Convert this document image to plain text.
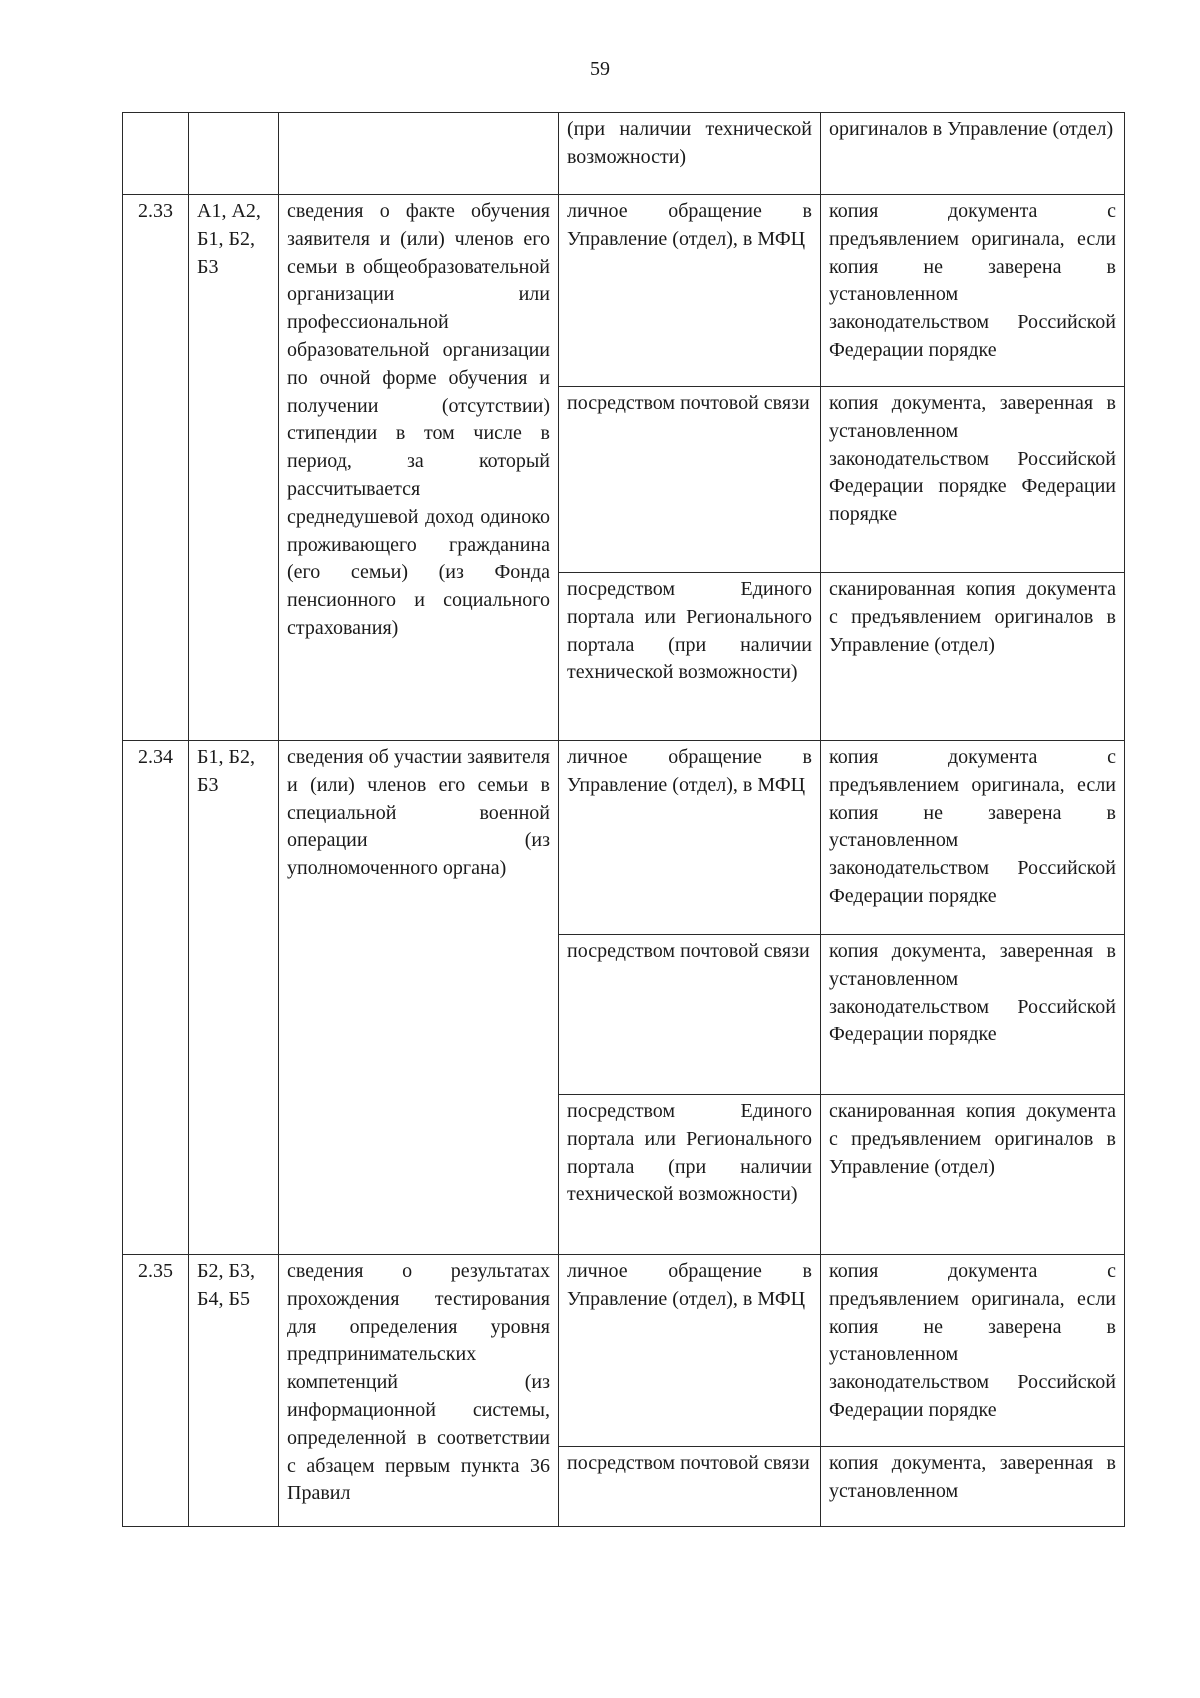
59
			(при наличии технической возможности)	оригиналов в Управление (отдел)
2.33	А1, А2, Б1, Б2, Б3	сведения о факте обучения заявителя и (или) членов его семьи в общеобразовательной организации или профессиональной образовательной организации по очной форме обучения и получении (отсутствии) стипендии в том числе в период, за который рассчитывается среднедушевой доход одиноко проживающего гражданина (его семьи) (из Фонда пенсионного и социального страхования)	личное обращение в Управление (отдел), в МФЦ	копия документа с предъявлением оригинала, если копия не заверена в установленном законодательством Российской Федерации порядке
			посредством почтовой связи	копия документа, заверенная в установленном законодательством Российской Федерации порядке Федерации порядке
			посредством Единого портала или Регионального портала (при наличии технической возможности)	сканированная копия документа с предъявлением оригиналов в Управление (отдел)
2.34	Б1, Б2, Б3	сведения об участии заявителя и (или) членов его семьи в специальной военной операции (из уполномоченного органа)	личное обращение в Управление (отдел), в МФЦ	копия документа с предъявлением оригинала, если копия не заверена в установленном законодательством Российской Федерации порядке
			посредством почтовой связи	копия документа, заверенная в установленном законодательством Российской Федерации порядке
			посредством Единого портала или Регионального портала (при наличии технической возможности)	сканированная копия документа с предъявлением оригиналов в Управление (отдел)
2.35	Б2, Б3, Б4, Б5	сведения о результатах прохождения тестирования для определения уровня предпринимательских компетенций (из информационной системы, определенной в соответствии с абзацем первым пункта 36 Правил	личное обращение в Управление (отдел), в МФЦ	копия документа с предъявлением оригинала, если копия не заверена в установленном законодательством Российской Федерации порядке
			посредством почтовой связи	копия документа, заверенная в установленном
